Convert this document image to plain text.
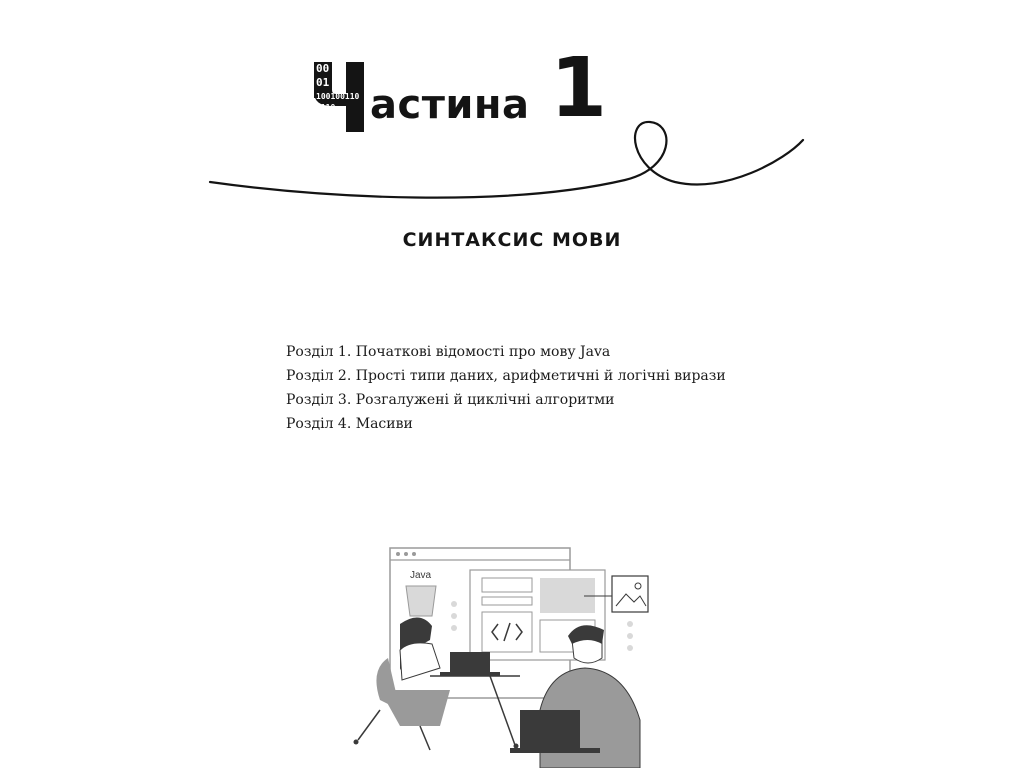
00 1
01
100100110
1110 астина 1
СИНТАКСИС МОВИ
Розділ 1. Початкові відомості про мову Java
Розділ 2. Прості типи даних, арифметичні й логічні вирази
Розділ 3. Розгалужені й циклічні алгоритми
Розділ 4. Масиви
Java
